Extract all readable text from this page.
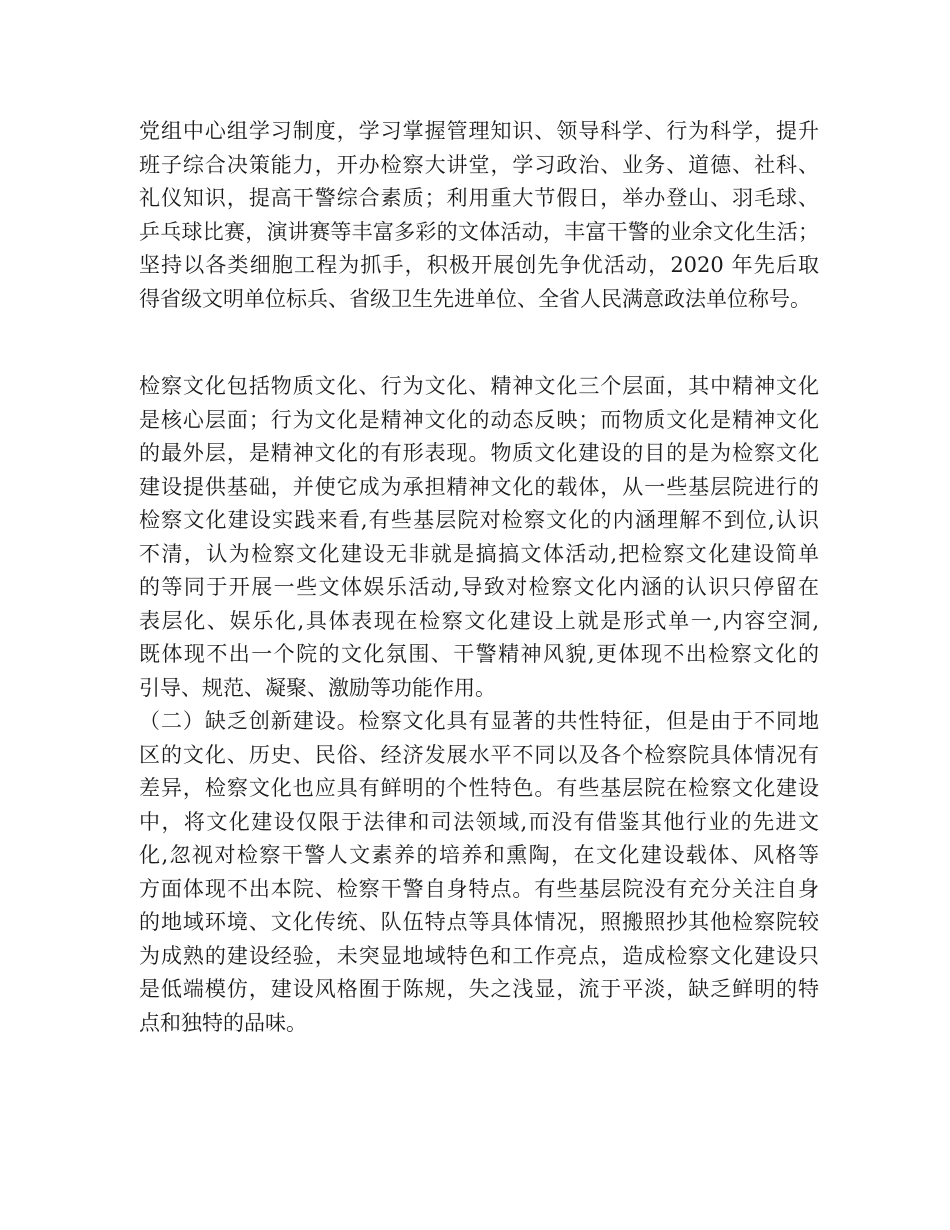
党组中心组学习制度，学习掌握管理知识、领导科学、行为科学，提升
班子综合决策能力，开办检察大讲堂，学习政治、业务、道德、社科、
礼仪知识，提高干警综合素质；利用重大节假日，举办登山、羽毛球、
乒乓球比赛，演讲赛等丰富多彩的文体活动，丰富干警的业余文化生活；
坚持以各类细胞工程为抓手，积极开展创先争优活动，2020 年先后取
得省级文明单位标兵、省级卫生先进单位、全省人民满意政法单位称号。
检察文化包括物质文化、行为文化、精神文化三个层面，其中精神文化
是核心层面；行为文化是精神文化的动态反映；而物质文化是精神文化
的最外层，是精神文化的有形表现。物质文化建设的目的是为检察文化
建设提供基础，并使它成为承担精神文化的载体，从一些基层院进行的
检察文化建设实践来看,有些基层院对检察文化的内涵理解不到位,认识
不清，认为检察文化建设无非就是搞搞文体活动,把检察文化建设简单
的等同于开展一些文体娱乐活动,导致对检察文化内涵的认识只停留在
表层化、娱乐化,具体表现在检察文化建设上就是形式单一,内容空洞,
既体现不出一个院的文化氛围、干警精神风貌,更体现不出检察文化的
引导、规范、凝聚、激励等功能作用。
（二）缺乏创新建设。检察文化具有显著的共性特征，但是由于不同地
区的文化、历史、民俗、经济发展水平不同以及各个检察院具体情况有
差异，检察文化也应具有鲜明的个性特色。有些基层院在检察文化建设
中，将文化建设仅限于法律和司法领域,而没有借鉴其他行业的先进文
化,忽视对检察干警人文素养的培养和熏陶，在文化建设载体、风格等
方面体现不出本院、检察干警自身特点。有些基层院没有充分关注自身
的地域环境、文化传统、队伍特点等具体情况，照搬照抄其他检察院较
为成熟的建设经验，未突显地域特色和工作亮点，造成检察文化建设只
是低端模仿，建设风格囿于陈规，失之浅显，流于平淡，缺乏鲜明的特
点和独特的品味。
